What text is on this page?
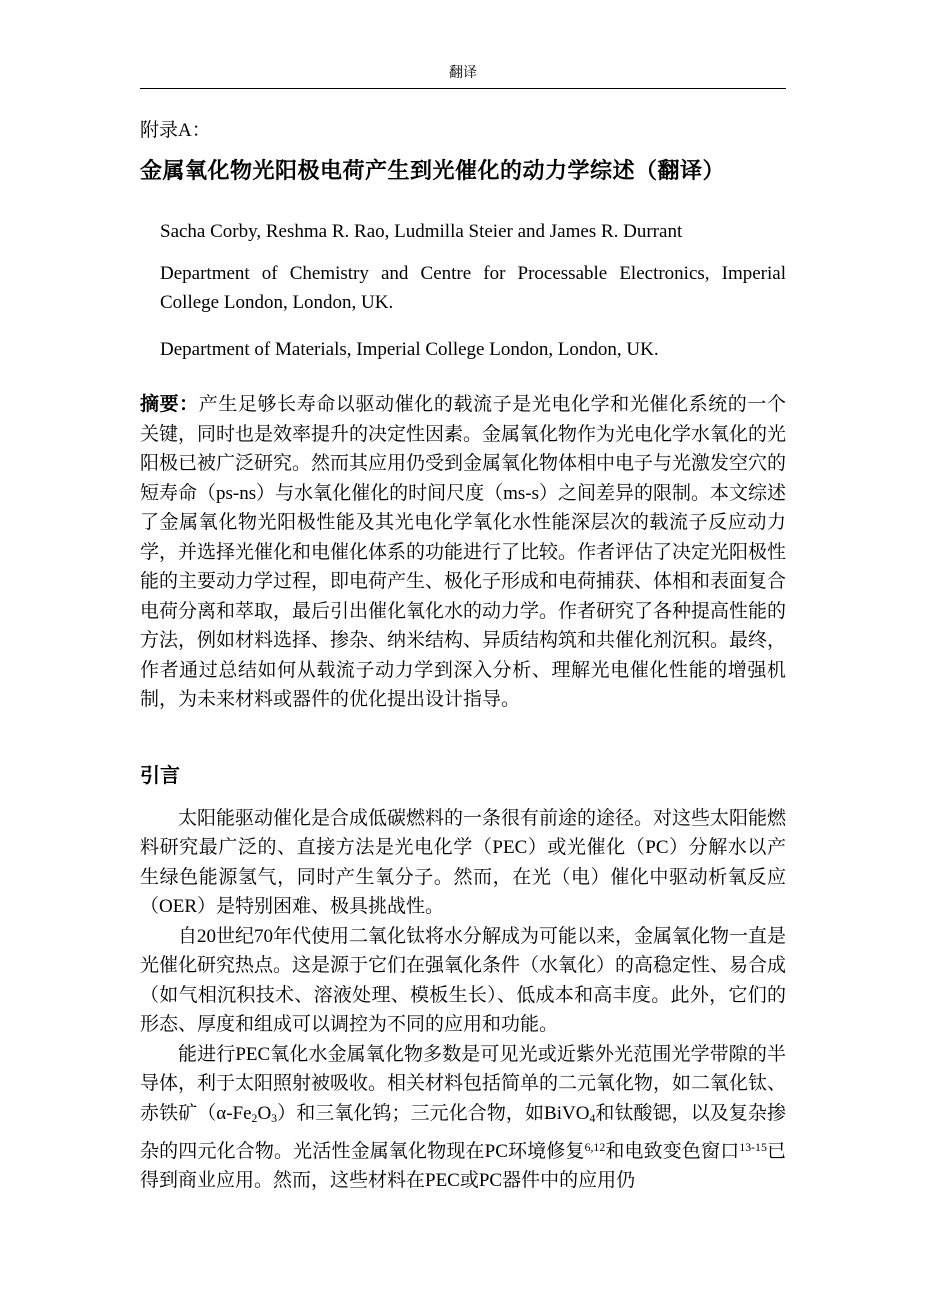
翻译

附录A：

金属氧化物光阳极电荷产生到光催化的动力学综述（翻译）

Sacha Corby, Reshma R. Rao, Ludmilla Steier and James R. Durrant

Department of Chemistry and Centre for Processable Electronics, Imperial College London, London, UK.

Department of Materials, Imperial College London, London, UK.

摘要：产生足够长寿命以驱动催化的载流子是光电化学和光催化系统的一个关键，同时也是效率提升的决定性因素。金属氧化物作为光电化学水氧化的光阳极已被广泛研究。然而其应用仍受到金属氧化物体相中电子与光激发空穴的短寿命（ps-ns）与水氧化催化的时间尺度（ms-s）之间差异的限制。本文综述了金属氧化物光阳极性能及其光电化学氧化水性能深层次的载流子反应动力学，并选择光催化和电催化体系的功能进行了比较。作者评估了决定光阳极性能的主要动力学过程，即电荷产生、极化子形成和电荷捕获、体相和表面复合电荷分离和萃取，最后引出催化氧化水的动力学。作者研究了各种提高性能的方法，例如材料选择、掺杂、纳米结构、异质结构筑和共催化剂沉积。最终，作者通过总结如何从载流子动力学到深入分析、理解光电催化性能的增强机制，为未来材料或器件的优化提出设计指导。

引言

太阳能驱动催化是合成低碳燃料的一条很有前途的途径。对这些太阳能燃料研究最广泛的、直接方法是光电化学（PEC）或光催化（PC）分解水以产生绿色能源氢气，同时产生氧分子。然而，在光（电）催化中驱动析氧反应（OER）是特别困难、极具挑战性。

自20世纪70年代使用二氧化钛将水分解成为可能以来，金属氧化物一直是光催化研究热点。这是源于它们在强氧化条件（水氧化）的高稳定性、易合成（如气相沉积技术、溶液处理、模板生长）、低成本和高丰度。此外，它们的形态、厚度和组成可以调控为不同的应用和功能。

能进行PEC氧化水金属氧化物多数是可见光或近紫外光范围光学带隙的半导体，利于太阳照射被吸收。相关材料包括简单的二元氧化物，如二氧化钛、赤铁矿$(\alpha-Fe_2O_3)$和三氧化钨；三元化合物，如BiVO$_4$和钛酸锶，以及复杂掺杂的四元化合物。光活性金属氧化物现在PC环境修复$^{6,12}$和电致变色窗口$^{13-15}$已得到商业应用。然而，这些材料在PEC或PC器件中的应用仍
